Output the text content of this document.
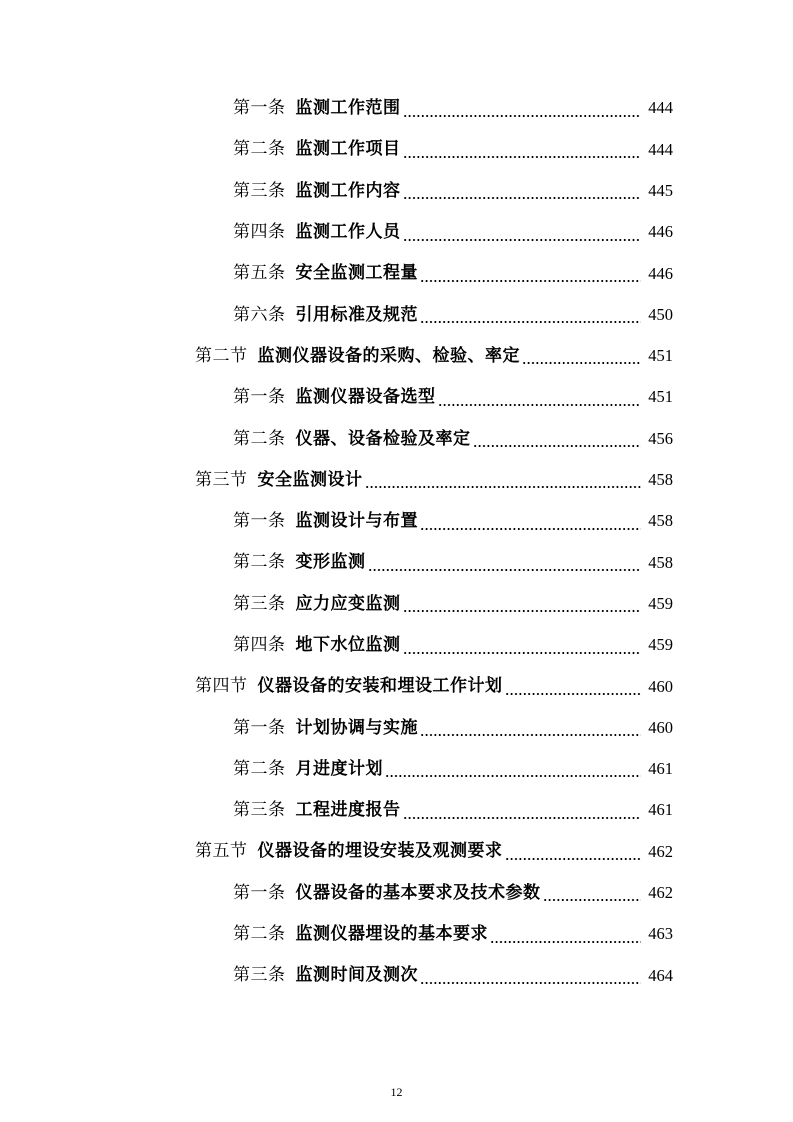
第一条 监测工作范围	444
第二条 监测工作项目	444
第三条 监测工作内容	445
第四条 监测工作人员	446
第五条 安全监测工程量	446
第六条 引用标准及规范	450
第二节 监测仪器设备的采购、检验、率定	451
第一条 监测仪器设备选型	451
第二条 仪器、设备检验及率定	456
第三节 安全监测设计	458
第一条 监测设计与布置	458
第二条 变形监测	458
第三条 应力应变监测	459
第四条 地下水位监测	459
第四节 仪器设备的安装和埋设工作计划	460
第一条 计划协调与实施	460
第二条 月进度计划	461
第三条 工程进度报告	461
第五节 仪器设备的埋设安装及观测要求	462
第一条 仪器设备的基本要求及技术参数	462
第二条 监测仪器埋设的基本要求	463
第三条 监测时间及测次	464
12
